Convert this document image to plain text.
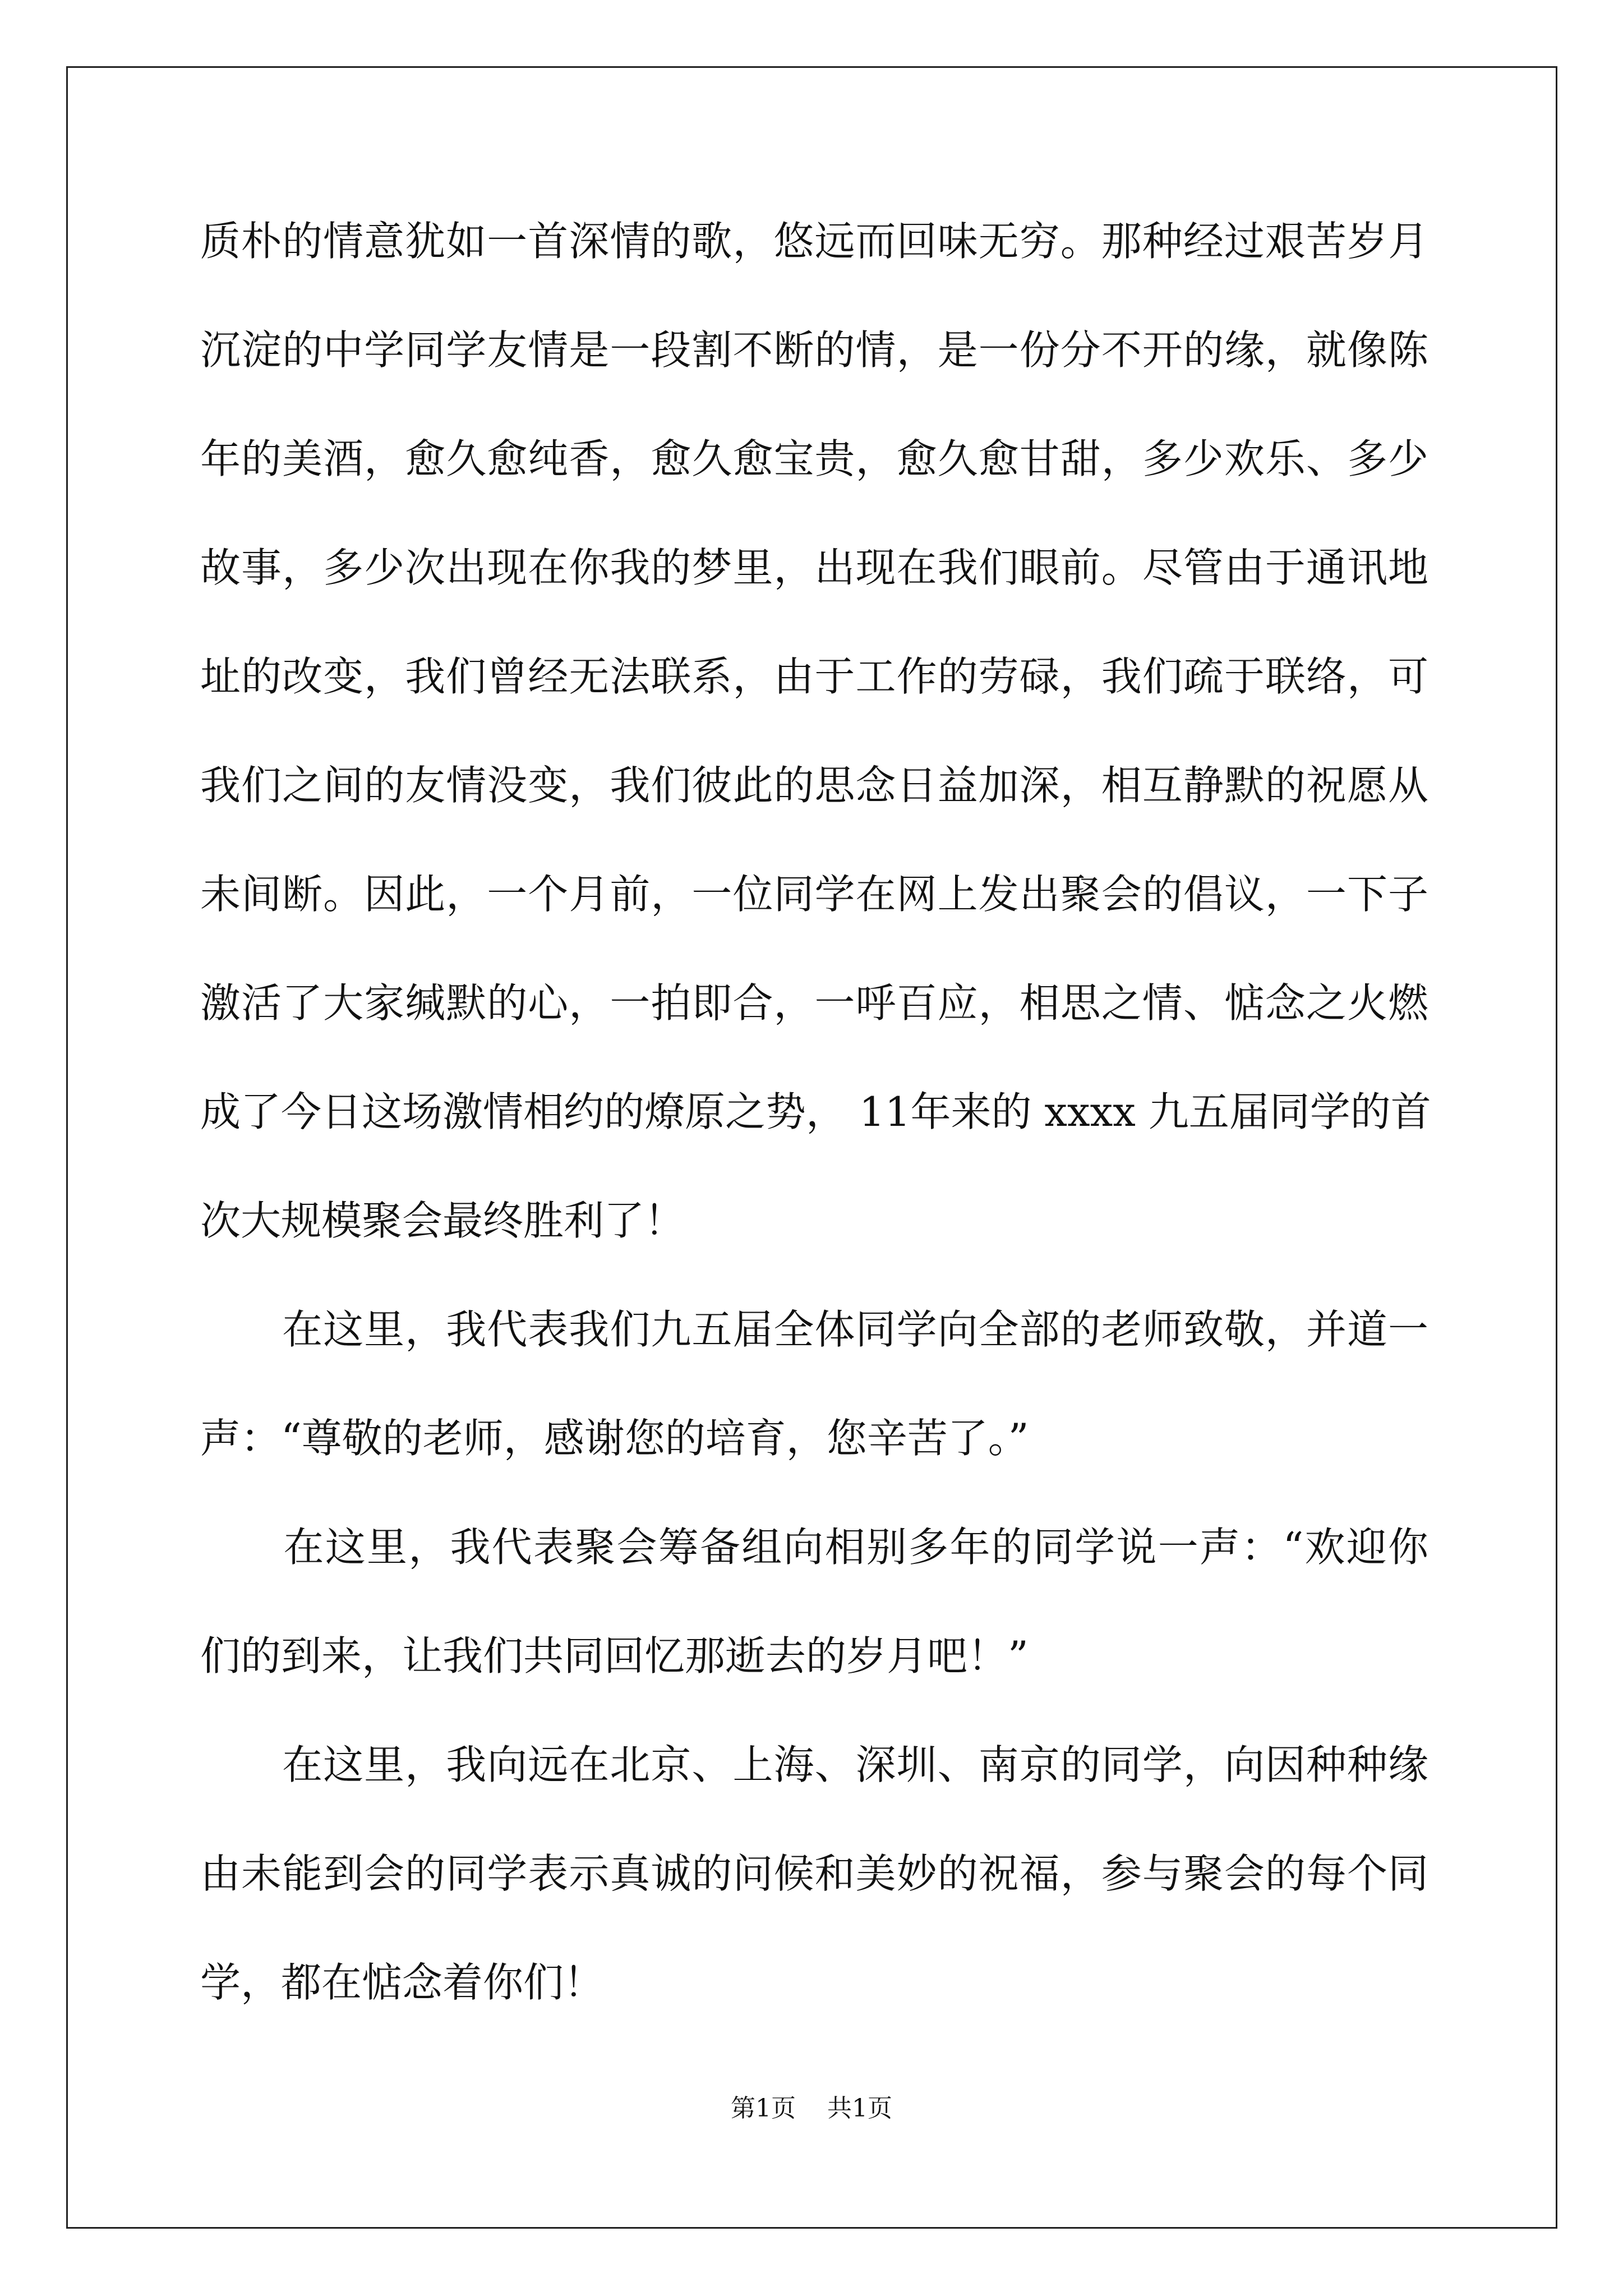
质朴的情意犹如一首深情的歌，悠远而回味无穷。那种经过艰苦岁月
沉淀的中学同学友情是一段割不断的情，是一份分不开的缘，就像陈
年的美酒，愈久愈纯香，愈久愈宝贵，愈久愈甘甜，多少欢乐、多少
故事，多少次出现在你我的梦里，出现在我们眼前。尽管由于通讯地
址的改变，我们曾经无法联系，由于工作的劳碌，我们疏于联络，可
我们之间的友情没变，我们彼此的思念日益加深，相互静默的祝愿从
未间断。因此，一个月前，一位同学在网上发出聚会的倡议，一下子
激活了大家缄默的心，一拍即合，一呼百应，相思之情、惦念之火燃
成了今日这场激情相约的燎原之势， 11年来的 xxxx 九五届同学的首
次大规模聚会最终胜利了！
　　在这里，我代表我们九五届全体同学向全部的老师致敬，并道一
声：“尊敬的老师，感谢您的培育，您辛苦了。”
　　在这里，我代表聚会筹备组向相别多年的同学说一声：“欢迎你
们的到来，让我们共同回忆那逝去的岁月吧！”
　　在这里，我向远在北京、上海、深圳、南京的同学，向因种种缘
由未能到会的同学表示真诚的问候和美妙的祝福，参与聚会的每个同
学，都在惦念着你们！
第1页 共1页
